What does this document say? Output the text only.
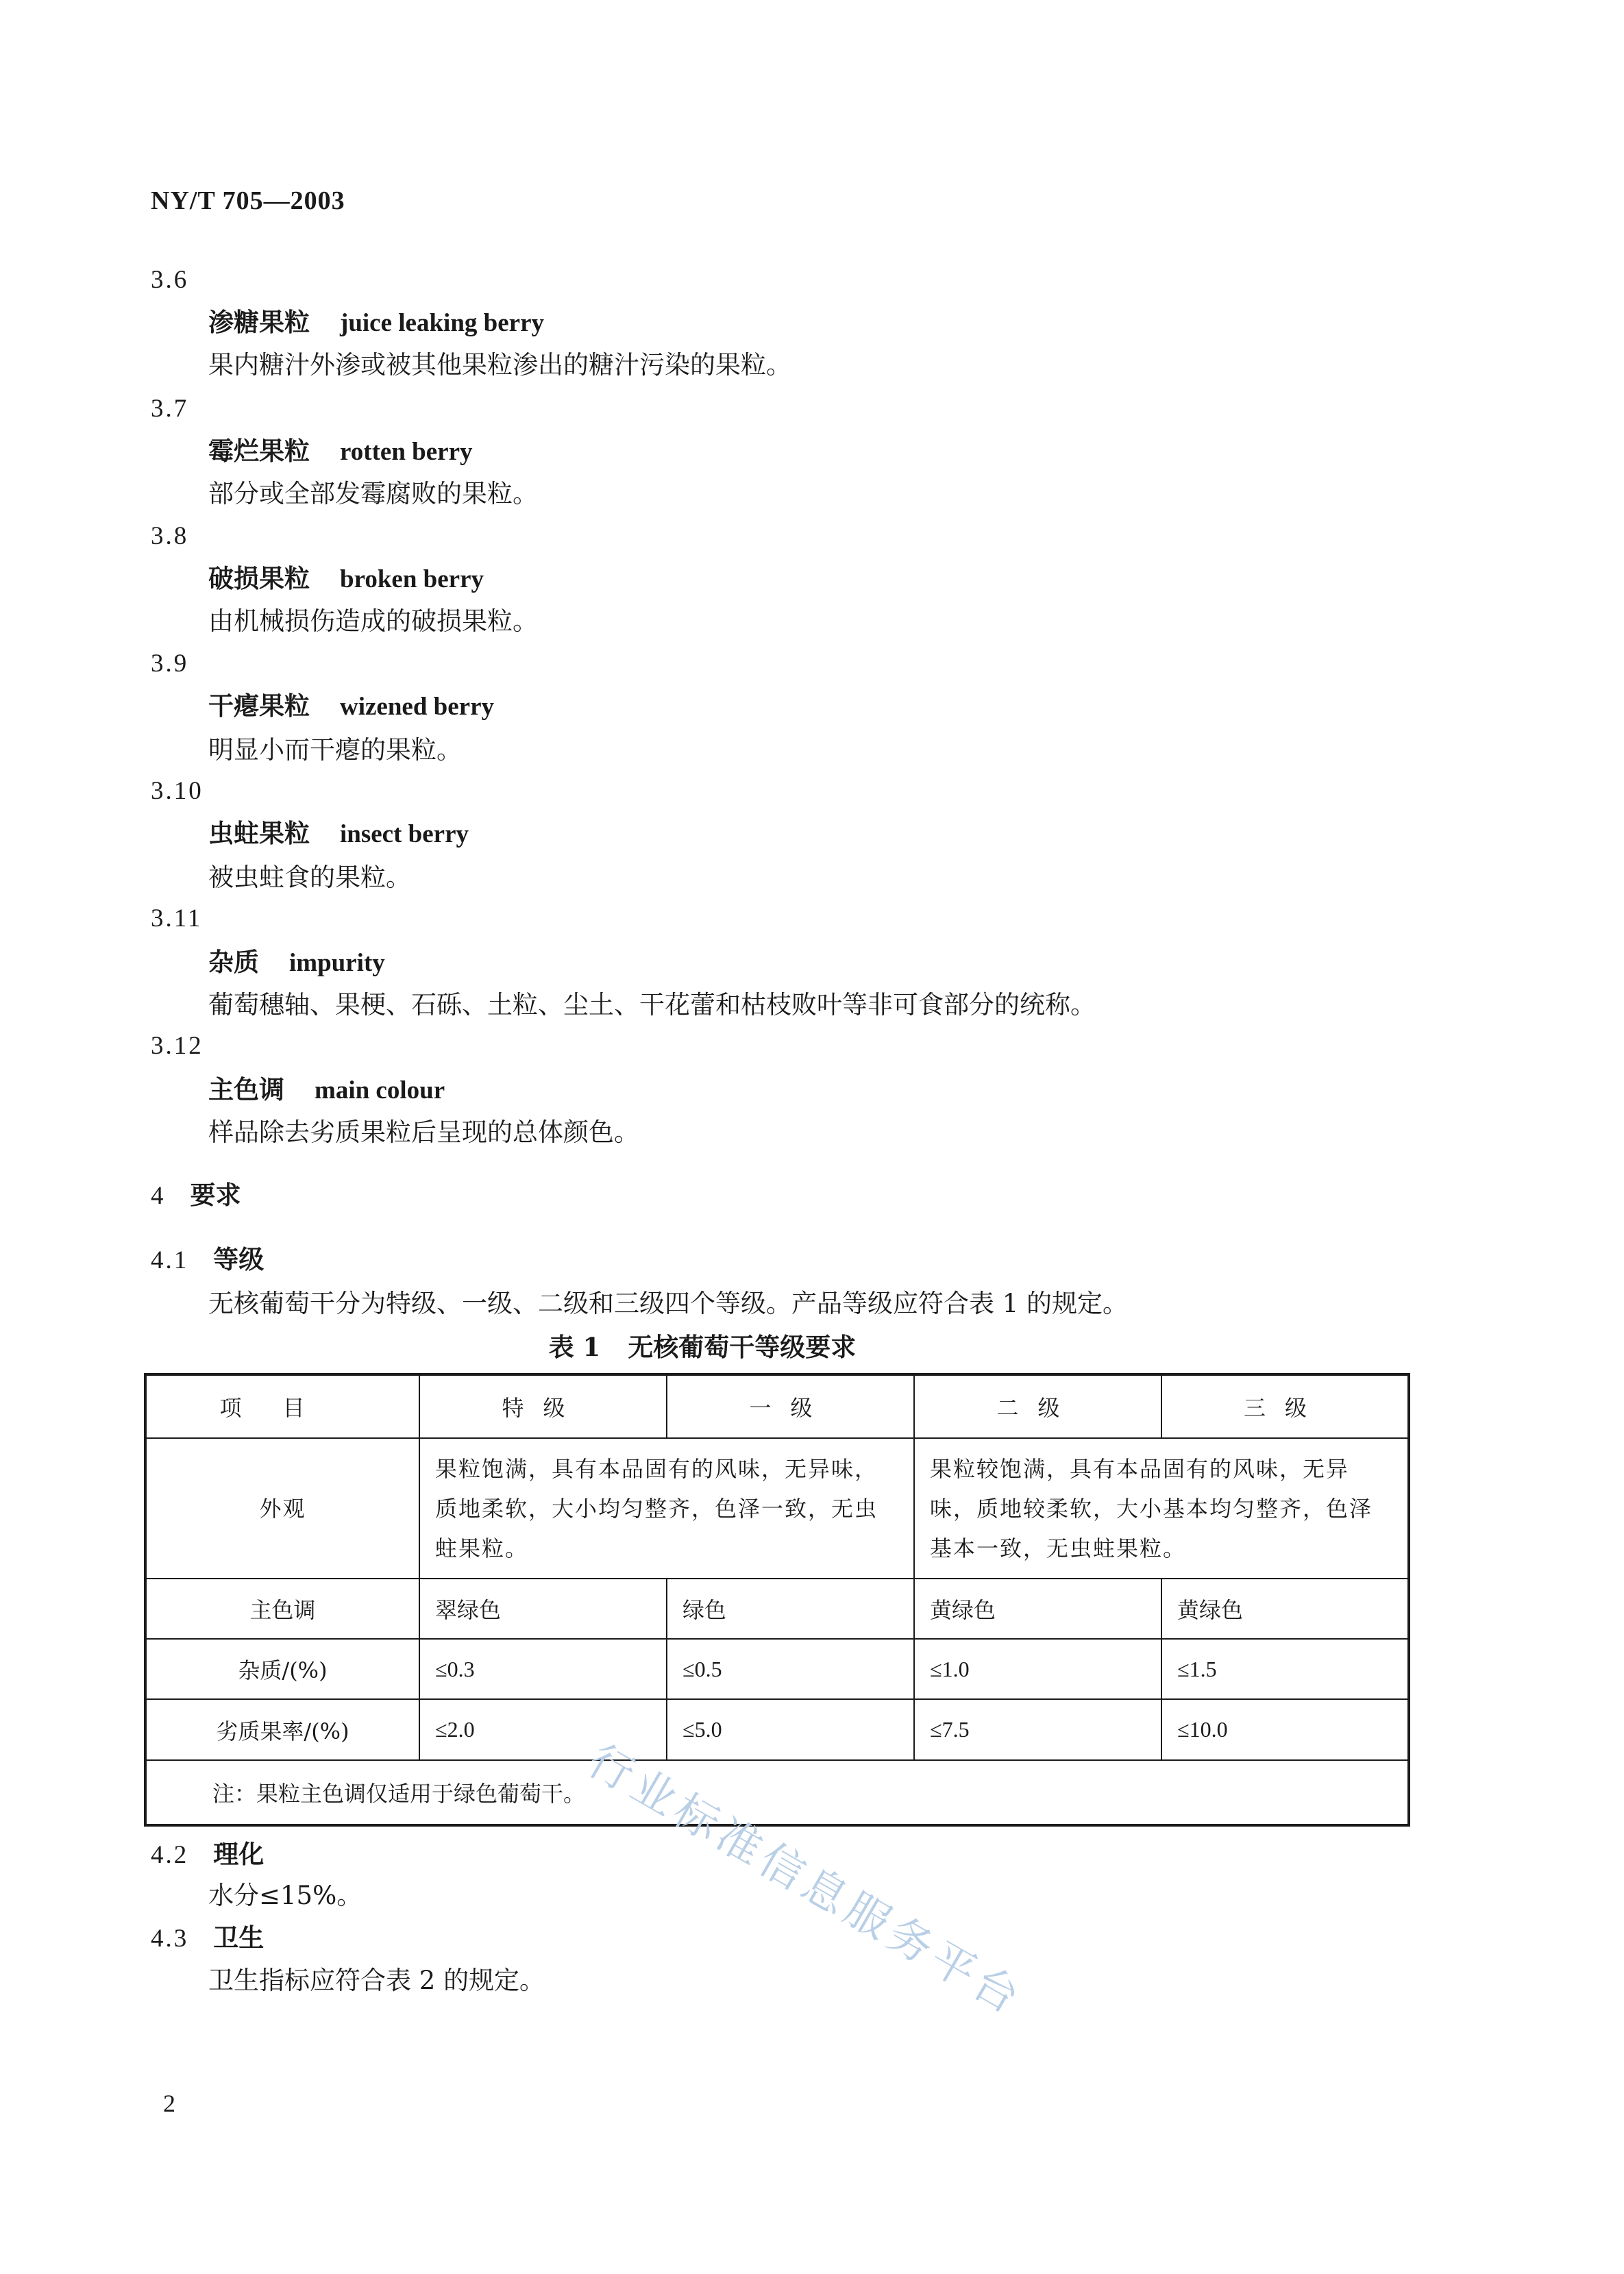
NY/T 705—2003
3.6
渗糖果粒 juice leaking berry
果内糖汁外渗或被其他果粒渗出的糖汁污染的果粒。
3.7
霉烂果粒 rotten berry
部分或全部发霉腐败的果粒。
3.8
破损果粒 broken berry
由机械损伤造成的破损果粒。
3.9
干瘪果粒 wizened berry
明显小而干瘪的果粒。
3.10
虫蛀果粒 insect berry
被虫蛀食的果粒。
3.11
杂质 impurity
葡萄穗轴、果梗、石砾、土粒、尘土、干花蕾和枯枝败叶等非可食部分的统称。
3.12
主色调 main colour
样品除去劣质果粒后呈现的总体颜色。
4 要求
4.1 等级
无核葡萄干分为特级、一级、二级和三级四个等级。产品等级应符合表 1 的规定。
表 1 无核葡萄干等级要求
项目	特级	一级	二级	三级
外观	果粒饱满，具有本品固有的风味，无异味，质地柔软，大小均匀整齐，色泽一致，无虫蛀果粒。		果粒较饱满，具有本品固有的风味，无异味，质地较柔软，大小基本均匀整齐，色泽基本一致，无虫蛀果粒。	
主色调	翠绿色	绿色	黄绿色	黄绿色
杂质/(%)	≤0.3	≤0.5	≤1.0	≤1.5
劣质果率/(%)	≤2.0	≤5.0	≤7.5	≤10.0
注：果粒主色调仅适用于绿色葡萄干。				
4.2 理化
水分≤15%。
4.3 卫生
卫生指标应符合表 2 的规定。
2
行业标准信息服务平台
